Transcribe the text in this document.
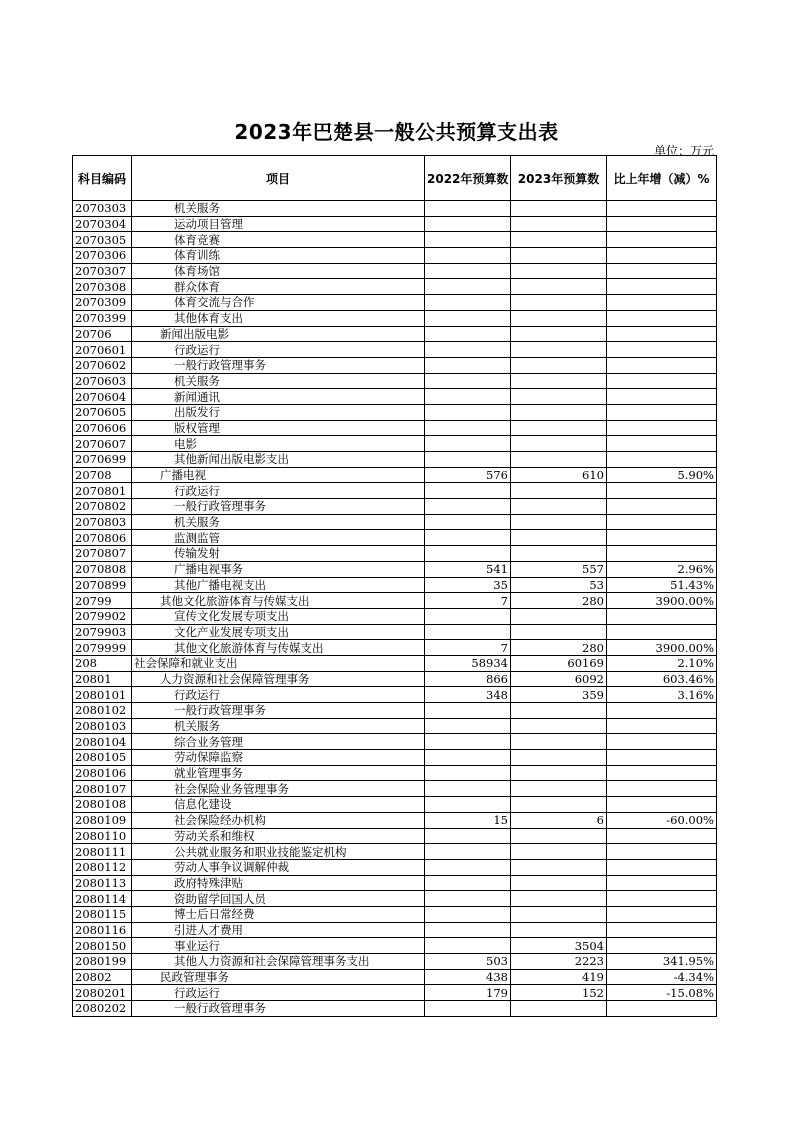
2023年巴楚县一般公共预算支出表
单位：万元
科目编码	项目	2022年预算数	2023年预算数	比上年增（减）%
2070303	机关服务			
2070304	运动项目管理			
2070305	体育竞赛			
2070306	体育训练			
2070307	体育场馆			
2070308	群众体育			
2070309	体育交流与合作			
2070399	其他体育支出			
20706	新闻出版电影			
2070601	行政运行			
2070602	一般行政管理事务			
2070603	机关服务			
2070604	新闻通讯			
2070605	出版发行			
2070606	版权管理			
2070607	电影			
2070699	其他新闻出版电影支出			
20708	广播电视	576	610	5.90%
2070801	行政运行			
2070802	一般行政管理事务			
2070803	机关服务			
2070806	监测监管			
2070807	传输发射			
2070808	广播电视事务	541	557	2.96%
2070899	其他广播电视支出	35	53	51.43%
20799	其他文化旅游体育与传媒支出	7	280	3900.00%
2079902	宣传文化发展专项支出			
2079903	文化产业发展专项支出			
2079999	其他文化旅游体育与传媒支出	7	280	3900.00%
208	社会保障和就业支出	58934	60169	2.10%
20801	人力资源和社会保障管理事务	866	6092	603.46%
2080101	行政运行	348	359	3.16%
2080102	一般行政管理事务			
2080103	机关服务			
2080104	综合业务管理			
2080105	劳动保障监察			
2080106	就业管理事务			
2080107	社会保险业务管理事务			
2080108	信息化建设			
2080109	社会保险经办机构	15	6	-60.00%
2080110	劳动关系和维权			
2080111	公共就业服务和职业技能鉴定机构			
2080112	劳动人事争议调解仲裁			
2080113	政府特殊津贴			
2080114	资助留学回国人员			
2080115	博士后日常经费			
2080116	引进人才费用			
2080150	事业运行		3504	
2080199	其他人力资源和社会保障管理事务支出	503	2223	341.95%
20802	民政管理事务	438	419	-4.34%
2080201	行政运行	179	152	-15.08%
2080202	一般行政管理事务			
